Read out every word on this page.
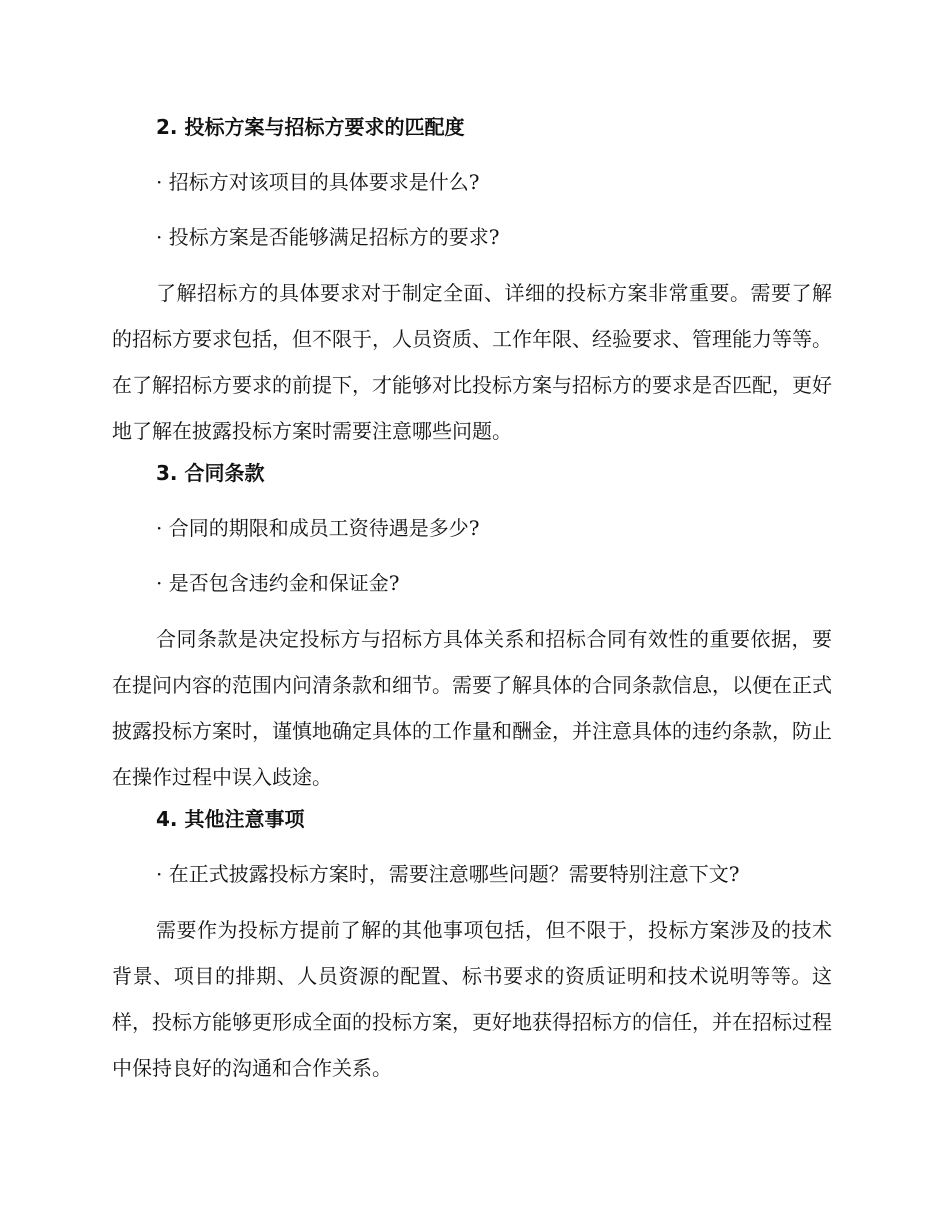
2. 投标方案与招标方要求的匹配度
· 招标方对该项目的具体要求是什么?
· 投标方案是否能够满足招标方的要求?

了解招标方的具体要求对于制定全面、详细的投标方案非常重要。需要了解的招标方要求包括，但不限于，人员资质、工作年限、经验要求、管理能力等等。在了解招标方要求的前提下，才能够对比投标方案与招标方的要求是否匹配，更好地了解在披露投标方案时需要注意哪些问题。

3. 合同条款
· 合同的期限和成员工资待遇是多少?
· 是否包含违约金和保证金?

合同条款是决定投标方与招标方具体关系和招标合同有效性的重要依据，要在提问内容的范围内问清条款和细节。需要了解具体的合同条款信息，以便在正式披露投标方案时，谨慎地确定具体的工作量和酬金，并注意具体的违约条款，防止在操作过程中误入歧途。

4. 其他注意事项
· 在正式披露投标方案时，需要注意哪些问题？需要特别注意下文?

需要作为投标方提前了解的其他事项包括，但不限于，投标方案涉及的技术背景、项目的排期、人员资源的配置、标书要求的资质证明和技术说明等等。这样，投标方能够更形成全面的投标方案，更好地获得招标方的信任，并在招标过程中保持良好的沟通和合作关系。
